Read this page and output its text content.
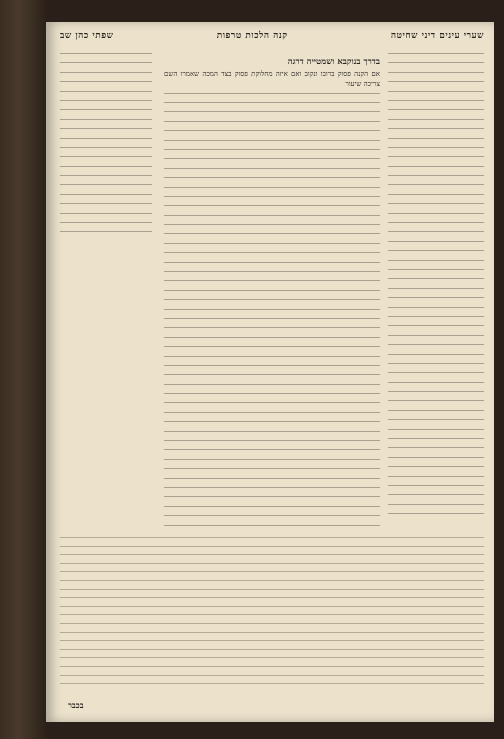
שערי עינים דיני שחיטה
קנה הלכות טרפות
שפתי כהן שב
בדרך בנוקבא ושמטייה דרגה
אם הקנה פסוק ברובו ונקוב ואם איזה מחלוקת פסוק בצד המכה שאמרו השם צריכה שיעור
בכבר
